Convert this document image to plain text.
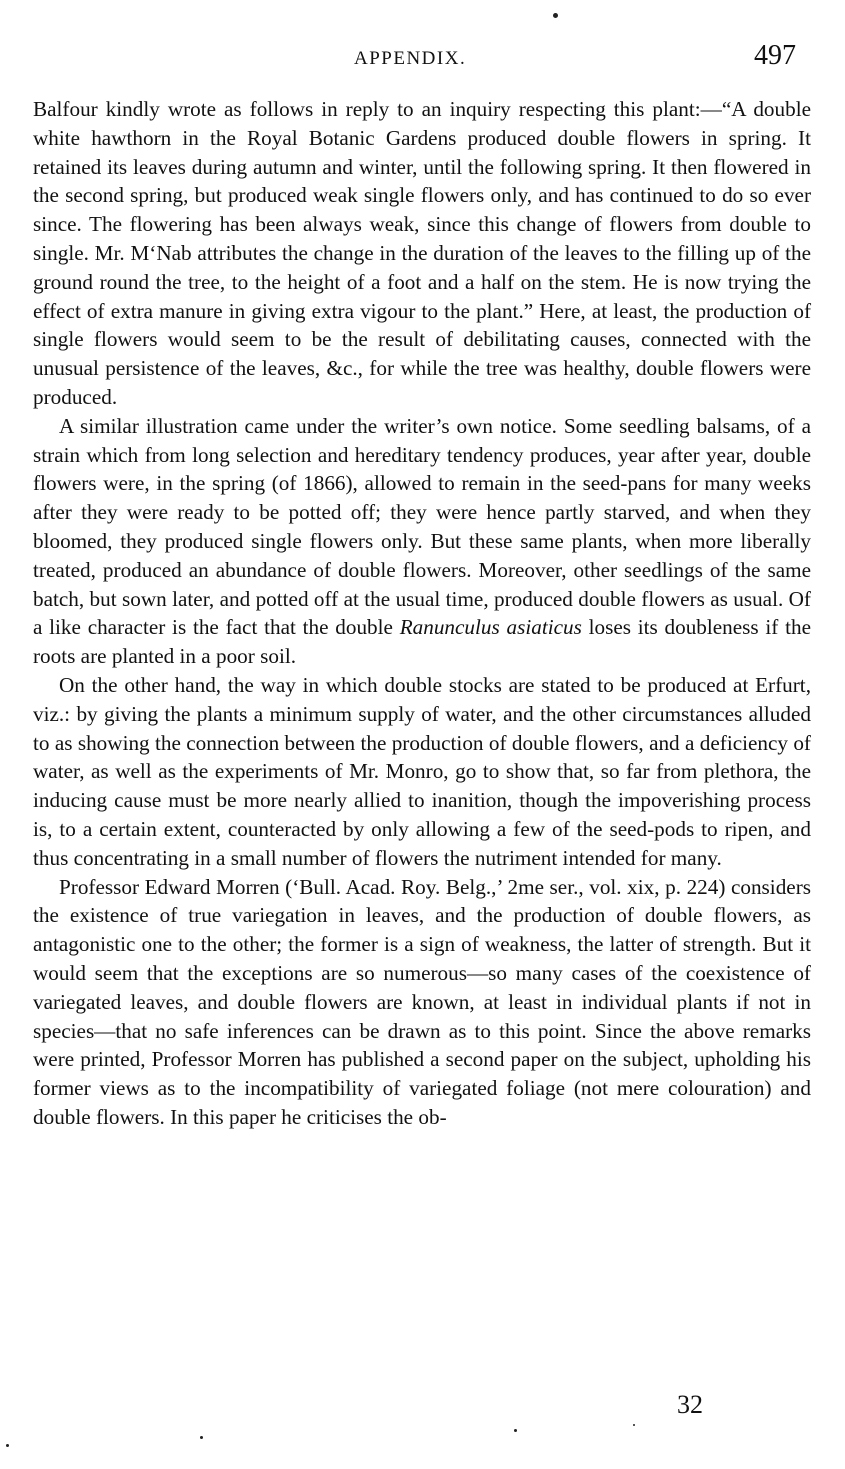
APPENDIX.	497

Balfour kindly wrote as follows in reply to an inquiry respecting this plant:—“A double white hawthorn in the Royal Botanic Gardens produced double flowers in spring. It retained its leaves during autumn and winter, until the following spring. It then flowered in the second spring, but produced weak single flowers only, and has continued to do so ever since. The flowering has been always weak, since this change of flowers from double to single. Mr. M‘Nab attributes the change in the duration of the leaves to the filling up of the ground round the tree, to the height of a foot and a half on the stem. He is now trying the effect of extra manure in giving extra vigour to the plant.” Here, at least, the production of single flowers would seem to be the result of debilitating causes, connected with the unusual persistence of the leaves, &c., for while the tree was healthy, double flowers were produced.

A similar illustration came under the writer’s own notice. Some seedling balsams, of a strain which from long selection and hereditary tendency produces, year after year, double flowers were, in the spring (of 1866), allowed to remain in the seed-pans for many weeks after they were ready to be potted off; they were hence partly starved, and when they bloomed, they produced single flowers only. But these same plants, when more liberally treated, produced an abundance of double flowers. Moreover, other seedlings of the same batch, but sown later, and potted off at the usual time, produced double flowers as usual. Of a like character is the fact that the double Ranunculus asiaticus loses its doubleness if the roots are planted in a poor soil.

On the other hand, the way in which double stocks are stated to be produced at Erfurt, viz.: by giving the plants a minimum supply of water, and the other circumstances alluded to as showing the connection between the production of double flowers, and a deficiency of water, as well as the experiments of Mr. Monro, go to show that, so far from plethora, the inducing cause must be more nearly allied to inanition, though the impoverishing process is, to a certain extent, counteracted by only allowing a few of the seed-pods to ripen, and thus concentrating in a small number of flowers the nutriment intended for many.

Professor Edward Morren (‘Bull. Acad. Roy. Belg.,’ 2me ser., vol. xix, p. 224) considers the existence of true variegation in leaves, and the production of double flowers, as antagonistic one to the other; the former is a sign of weakness, the latter of strength. But it would seem that the exceptions are so numerous—so many cases of the coexistence of variegated leaves, and double flowers are known, at least in individual plants if not in species—that no safe inferences can be drawn as to this point. Since the above remarks were printed, Professor Morren has published a second paper on the subject, upholding his former views as to the incompatibility of variegated foliage (not mere colouration) and double flowers. In this paper he criticises the ob-

32
